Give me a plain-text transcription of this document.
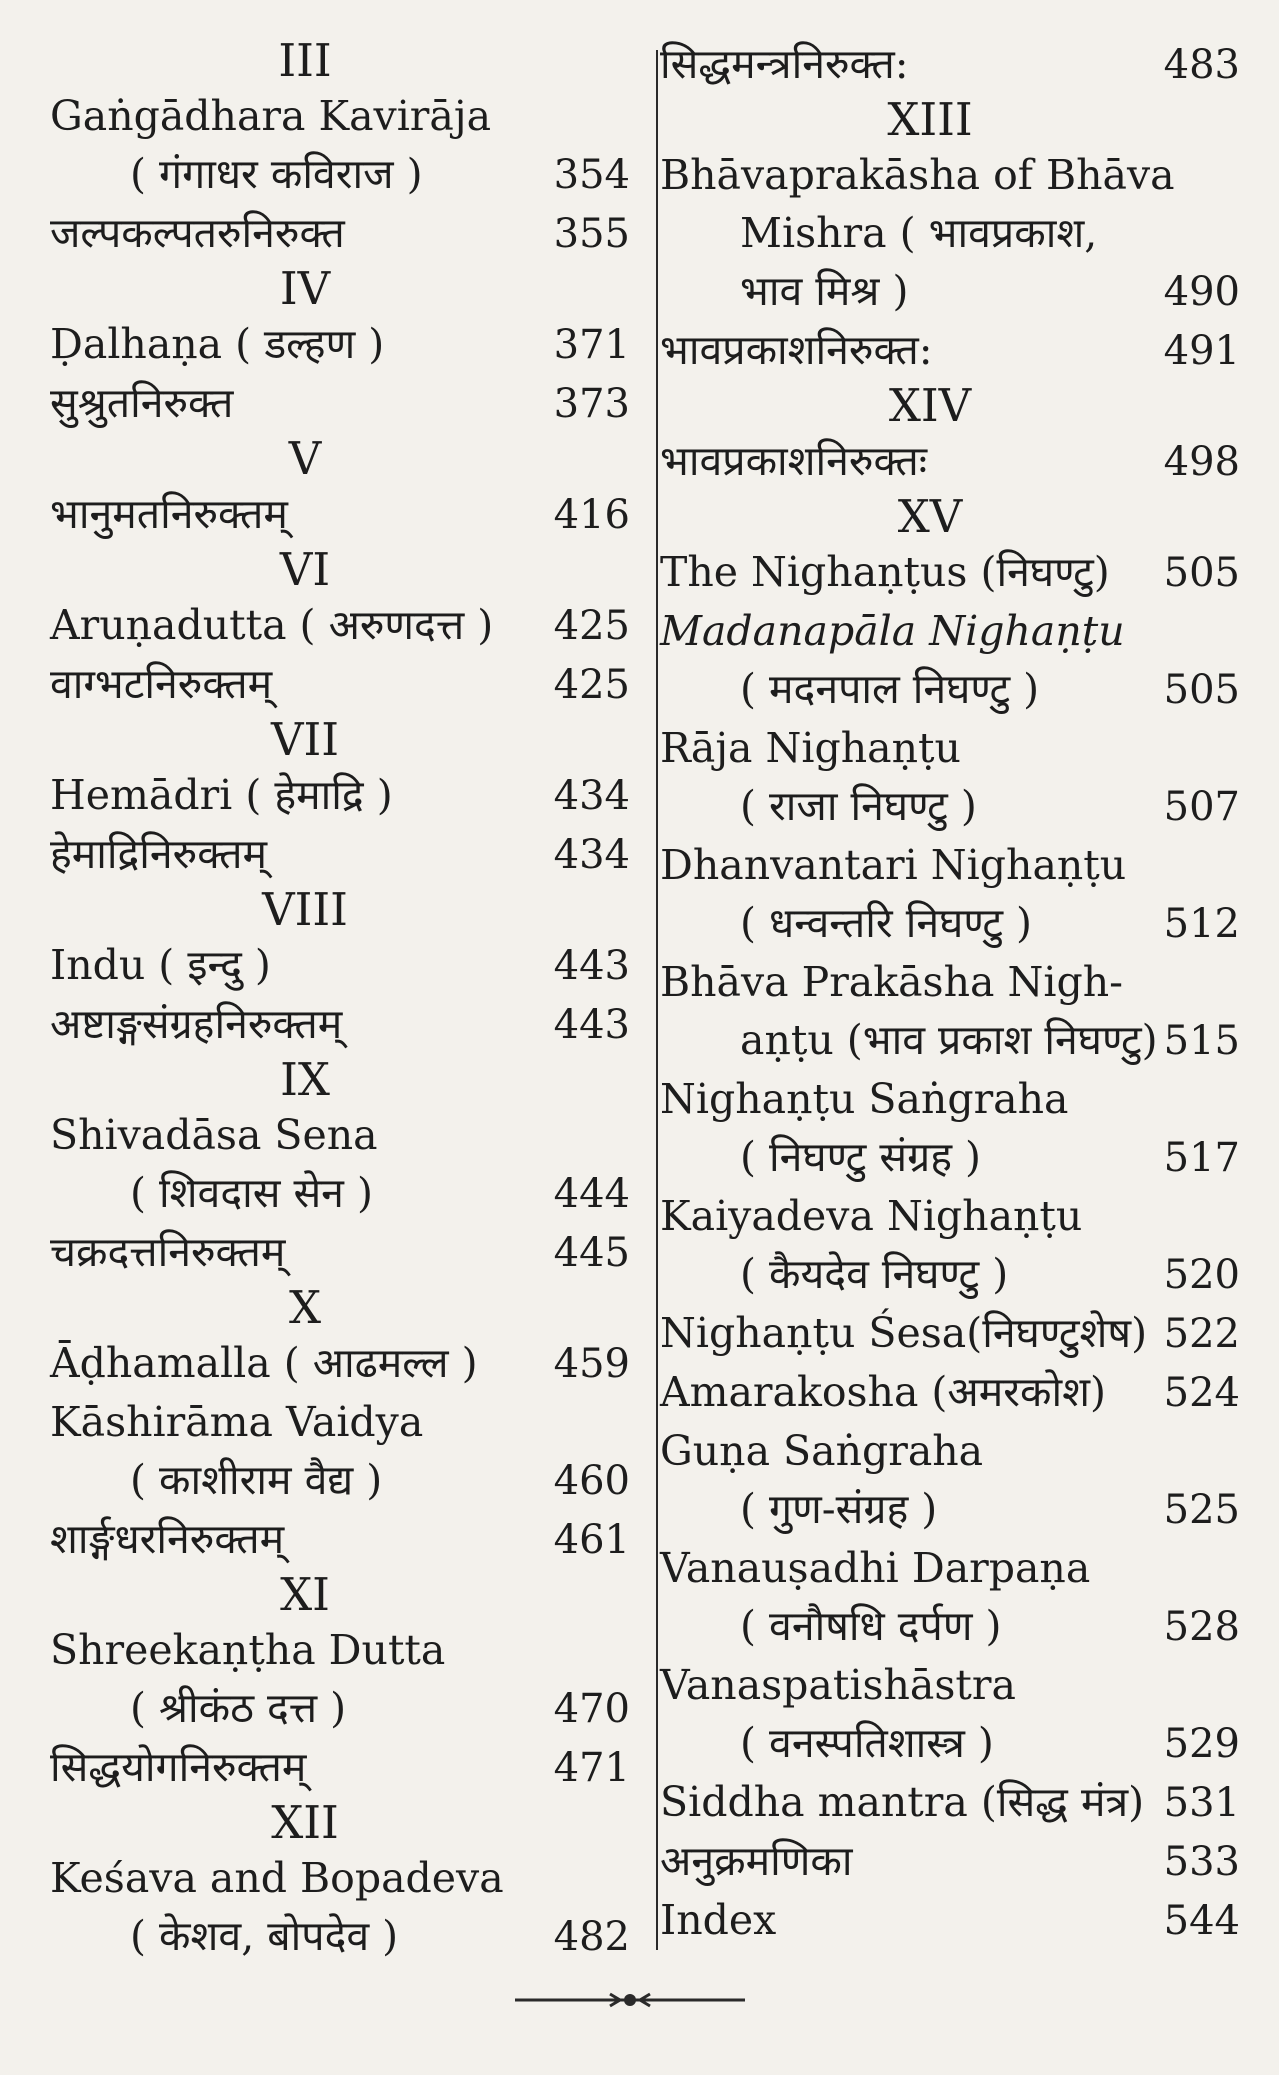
III
Gaṅgādhara Kavirāja
( गंगाधर कविराज )	354
जल्पकल्पतरुनिरुक्त	355
IV
Ḍalhaṇa ( डल्हण )	371
सुश्रुतनिरुक्त	373
V
भानुमतनिरुक्तम्	416
VI
Aruṇadutta ( अरुणदत्त ) 425
वाग्भटनिरुक्तम्	425
VII
Hemādri ( हेमाद्रि )	434
हेमाद्रिनिरुक्तम्	434
VIII
Indu ( इन्दु )	443
अष्टाङ्गसंग्रहनिरुक्तम्	443
IX
Shivadāsa Sena
( शिवदास सेन )	444
चक्रदत्तनिरुक्तम्	445
X
Āḍhamalla ( आढमल्ल ) 459
Kāshirāma Vaidya
( काशीराम वैद्य )	460
शार्ङ्गधरनिरुक्तम्	461
XI
Shreekaṇṭha Dutta
( श्रीकंठ दत्त )	470
सिद्धयोगनिरुक्तम्	471
XII
Keśava and Bopadeva
( केशव, बोपदेव )	482
सिद्धमन्त्रनिरुक्त:	483
XIII
Bhāvaprakāsha of Bhāva
Mishra ( भावप्रकाश,
भाव मिश्र )	490
भावप्रकाशनिरुक्त:	491
XIV
भावप्रकाशनिरुक्तः	498
XV
The Nighaṇṭus (निघण्टु) 505
Madanapāla Nighaṇṭu
( मदनपाल निघण्टु )	505
Rāja Nighaṇṭu
( राजा निघण्टु )	507
Dhanvantari Nighaṇṭu
( धन्वन्तरि निघण्टु )	512
Bhāva Prakāsha Nigh-
aṇṭu (भाव प्रकाश निघण्टु) 515
Nighaṇṭu Saṅgraha
( निघण्टु संग्रह )	517
Kaiyadeva Nighaṇṭu
( कैयदेव निघण्टु )	520
Nighaṇṭu Śesa(निघण्टुशेष) 522
Amarakosha (अमरकोश) 524
Guṇa Saṅgraha
( गुण-संग्रह )	525
Vanauṣadhi Darpaṇa
( वनौषधि दर्पण )	528
Vanaspatishāstra
( वनस्पतिशास्त्र )	529
Siddha mantra (सिद्ध मंत्र) 531
अनुक्रमणिका	533
Index	544
